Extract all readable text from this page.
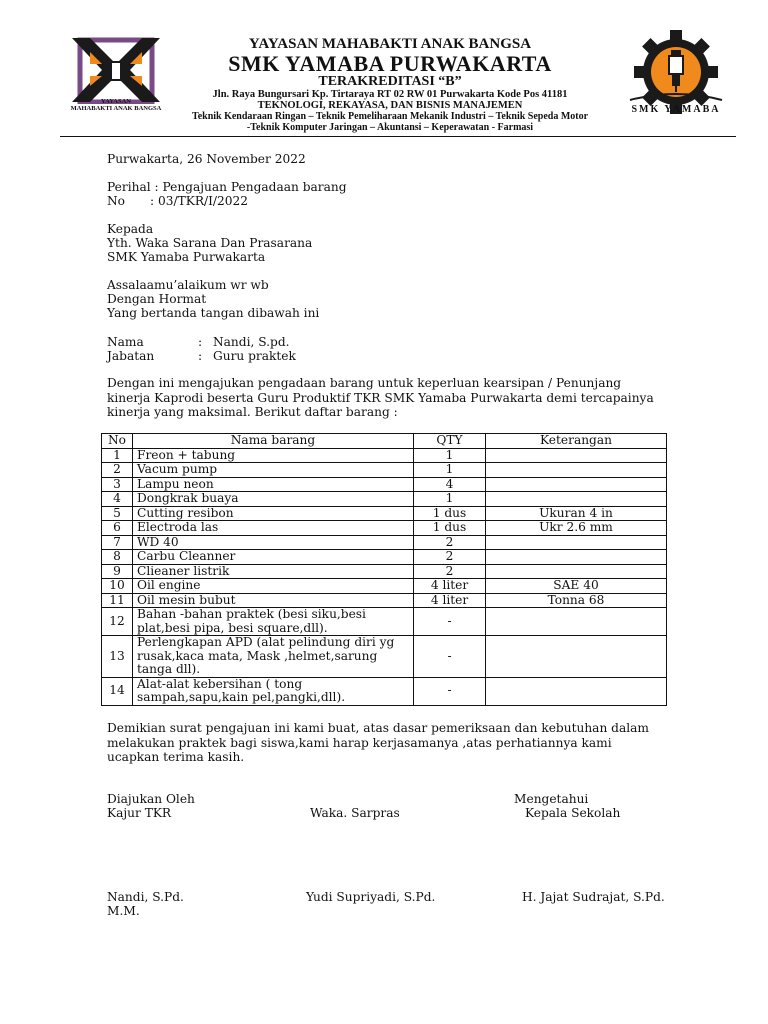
YAYASAN
MAHABAKTI ANAK BANGSA	SMK YAMABA
YAYASAN MAHABAKTI ANAK BANGSA
SMK YAMABA PURWAKARTA
TERAKREDITASI “B”
Jln. Raya Bungursari Kp. Tirtaraya RT 02 RW 01 Purwakarta Kode Pos 41181
TEKNOLOGI, REKAYASA, DAN BISNIS MANAJEMEN
Teknik Kendaraan Ringan – Teknik Pemeliharaan Mekanik Industri – Teknik Sepeda Motor
-Teknik Komputer Jaringan – Akuntansi – Keperawatan - Farmasi
Purwakarta, 26 November 2022
Perihal : Pengajuan Pengadaan barang
No : 03/TKR/I/2022
Kepada
Yth. Waka Sarana Dan Prasarana
SMK Yamaba Purwakarta
Assalaamu’alaikum wr wb
Dengan Hormat
Yang bertanda tangan dibawah ini
Nama	: Nandi, S.pd.
Jabatan	: Guru praktek
Dengan ini mengajukan pengadaan barang untuk keperluan kearsipan / Penunjang kinerja Kaprodi beserta Guru Produktif TKR SMK Yamaba Purwakarta demi tercapainya kinerja yang maksimal. Berikut daftar barang :
No	Nama barang	QTY	Keterangan
1	Freon + tabung	1	
2	Vacum pump	1	
3	Lampu neon	4	
4	Dongkrak buaya	1	
5	Cutting resibon	1 dus	Ukuran 4 in
6	Electroda las	1 dus	Ukr 2.6 mm
7	WD 40	2	
8	Carbu Cleanner	2	
9	Clieaner listrik	2	
10	Oil engine	4 liter	SAE 40
11	Oil mesin bubut	4 liter	Tonna 68
12	Bahan -bahan praktek (besi siku,besi plat,besi pipa, besi square,dll).	-	
13	Perlengkapan APD (alat pelindung diri yg rusak,kaca mata, Mask ,helmet,sarung tanga dll).	-	
14	Alat-alat kebersihan ( tong sampah,sapu,kain pel,pangki,dll).	-	
Demikian surat pengajuan ini kami buat, atas dasar pemeriksaan dan kebutuhan dalam melakukan praktek bagi siswa,kami harap kerjasamanya ,atas perhatiannya kami ucapkan terima kasih.
Diajukan Oleh	Mengetahui
Kajur TKR	Waka. Sarpras	Kepala Sekolah
Nandi, S.Pd.	Yudi Supriyadi, S.Pd.	H. Jajat Sudrajat, S.Pd.
M.M.
